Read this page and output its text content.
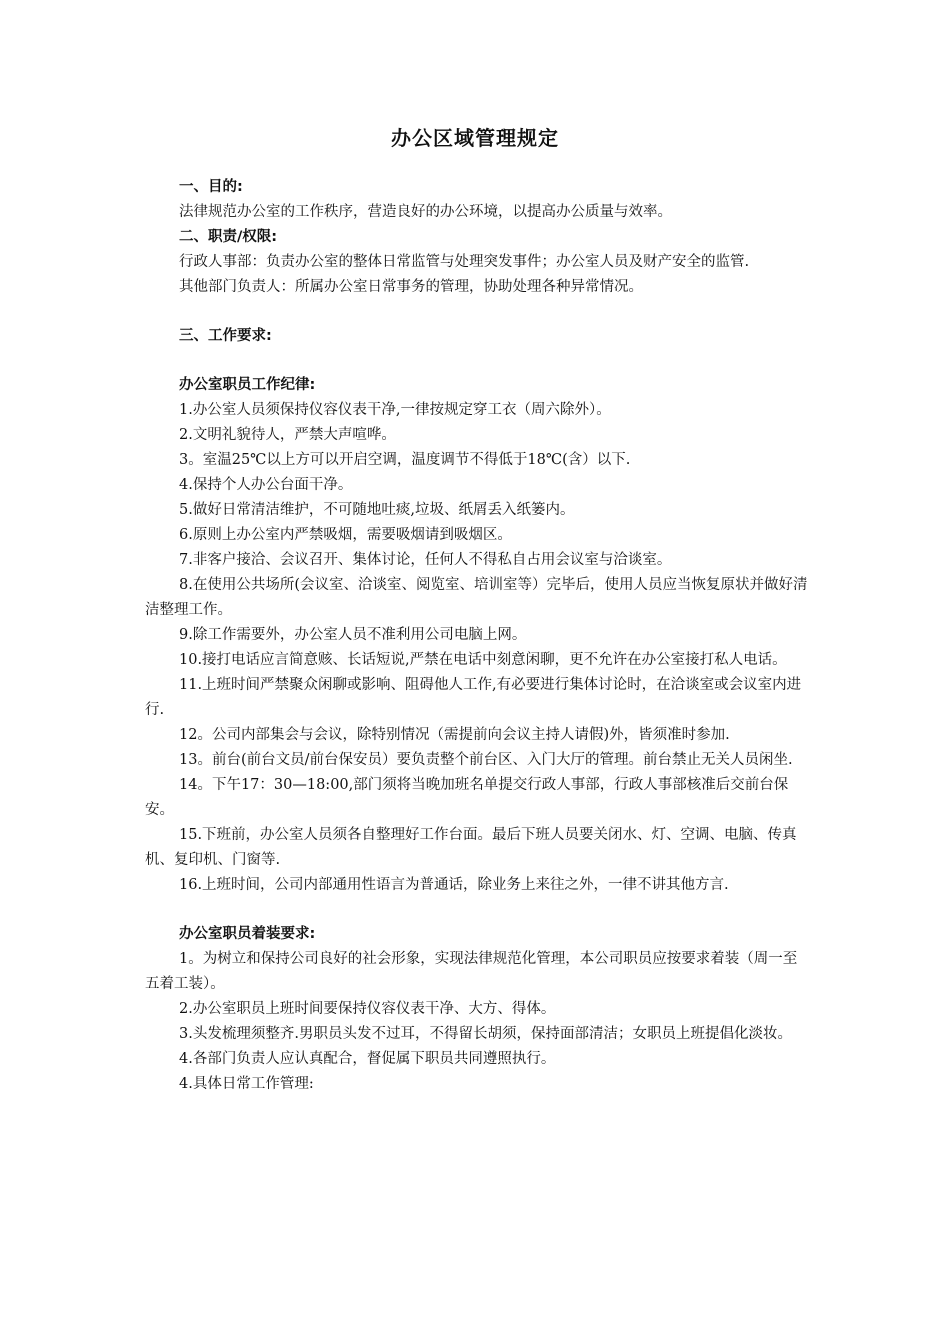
办公区域管理规定

一、目的:

法律规范办公室的工作秩序，营造良好的办公环境，以提高办公质量与效率。

二、职责/权限:

行政人事部：负责办公室的整体日常监管与处理突发事件；办公室人员及财产安全的监管.

其他部门负责人：所属办公室日常事务的管理，协助处理各种异常情况。

三、工作要求:

办公室职员工作纪律:

1.办公室人员须保持仪容仪表干净,一律按规定穿工衣（周六除外）。

2.文明礼貌待人，严禁大声喧哗。

3。室温25℃以上方可以开启空调，温度调节不得低于18℃(含）以下.

4.保持个人办公台面干净。

5.做好日常清洁维护，不可随地吐痰,垃圾、纸屑丢入纸篓内。

6.原则上办公室内严禁吸烟，需要吸烟请到吸烟区。

7.非客户接洽、会议召开、集体讨论，任何人不得私自占用会议室与洽谈室。

8.在使用公共场所(会议室、洽谈室、阅览室、培训室等）完毕后，使用人员应当恢复原状并做好清洁整理工作。

9.除工作需要外，办公室人员不准利用公司电脑上网。

10.接打电话应言简意赅、长话短说,严禁在电话中刻意闲聊，更不允许在办公室接打私人电话。

11.上班时间严禁聚众闲聊或影响、阻碍他人工作,有必要进行集体讨论时，在洽谈室或会议室内进行.

12。公司内部集会与会议，除特别情况（需提前向会议主持人请假)外，皆须准时参加.

13。前台(前台文员/前台保安员）要负责整个前台区、入门大厅的管理。前台禁止无关人员闲坐.

14。下午17：30—18:00,部门须将当晚加班名单提交行政人事部，行政人事部核准后交前台保安。

15.下班前，办公室人员须各自整理好工作台面。最后下班人员要关闭水、灯、空调、电脑、传真机、复印机、门窗等.

16.上班时间，公司内部通用性语言为普通话，除业务上来往之外，一律不讲其他方言.

办公室职员着装要求:

1。为树立和保持公司良好的社会形象，实现法律规范化管理，本公司职员应按要求着装（周一至五着工装）。

2.办公室职员上班时间要保持仪容仪表干净、大方、得体。

3.头发梳理须整齐.男职员头发不过耳，不得留长胡须，保持面部清洁；女职员上班提倡化淡妆。

4.各部门负责人应认真配合，督促属下职员共同遵照执行。

4.具体日常工作管理:
